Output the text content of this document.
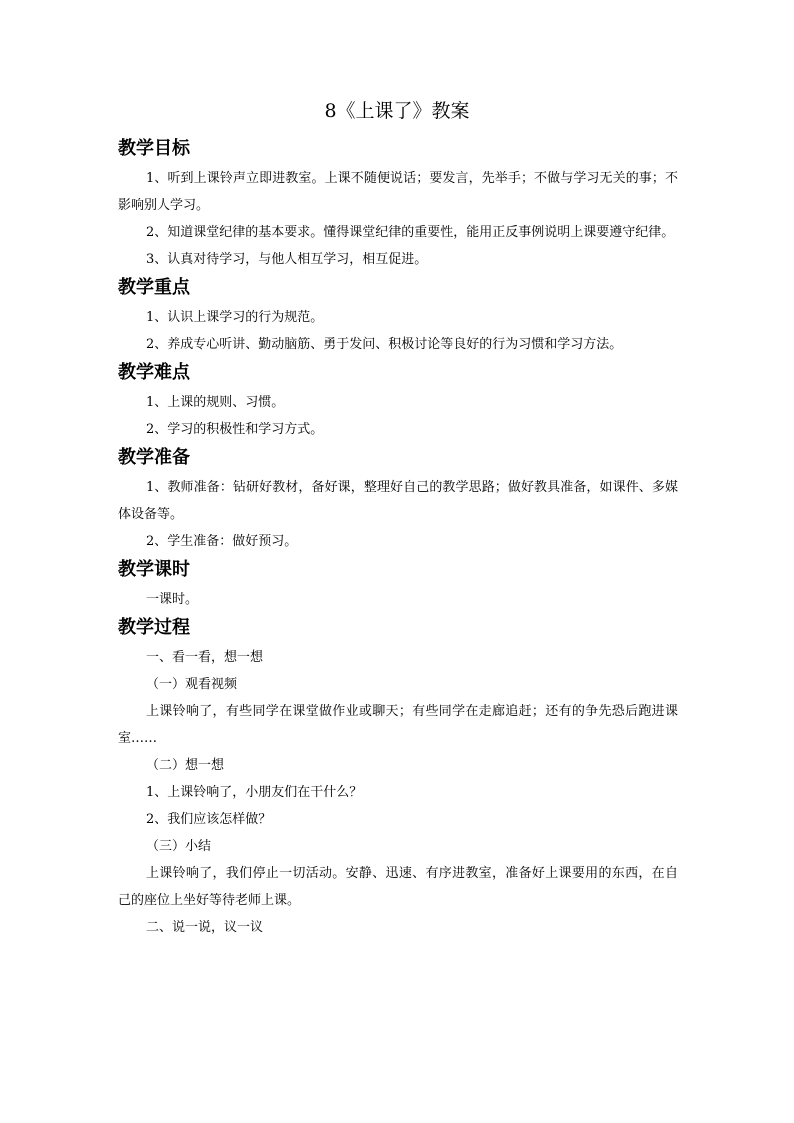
8《上课了》教案
教学目标

1、听到上课铃声立即进教室。上课不随便说话；要发言，先举手；不做与学习无关的事；不影响别人学习。

2、知道课堂纪律的基本要求。懂得课堂纪律的重要性，能用正反事例说明上课要遵守纪律。

3、认真对待学习，与他人相互学习，相互促进。

教学重点

1、认识上课学习的行为规范。

2、养成专心听讲、勤动脑筋、勇于发问、积极讨论等良好的行为习惯和学习方法。

教学难点

1、上课的规则、习惯。

2、学习的积极性和学习方式。

教学准备

1、教师准备：钻研好教材，备好课，整理好自己的教学思路；做好教具准备，如课件、多媒体设备等。

2、学生准备：做好预习。

教学课时

一课时。

教学过程

一、看一看，想一想

（一）观看视频

上课铃响了，有些同学在课堂做作业或聊天；有些同学在走廊追赶；还有的争先恐后跑进课室……

（二）想一想

1、上课铃响了，小朋友们在干什么？

2、我们应该怎样做？

（三）小结

上课铃响了，我们停止一切活动。安静、迅速、有序进教室，准备好上课要用的东西，在自己的座位上坐好等待老师上课。

二、说一说，议一议
